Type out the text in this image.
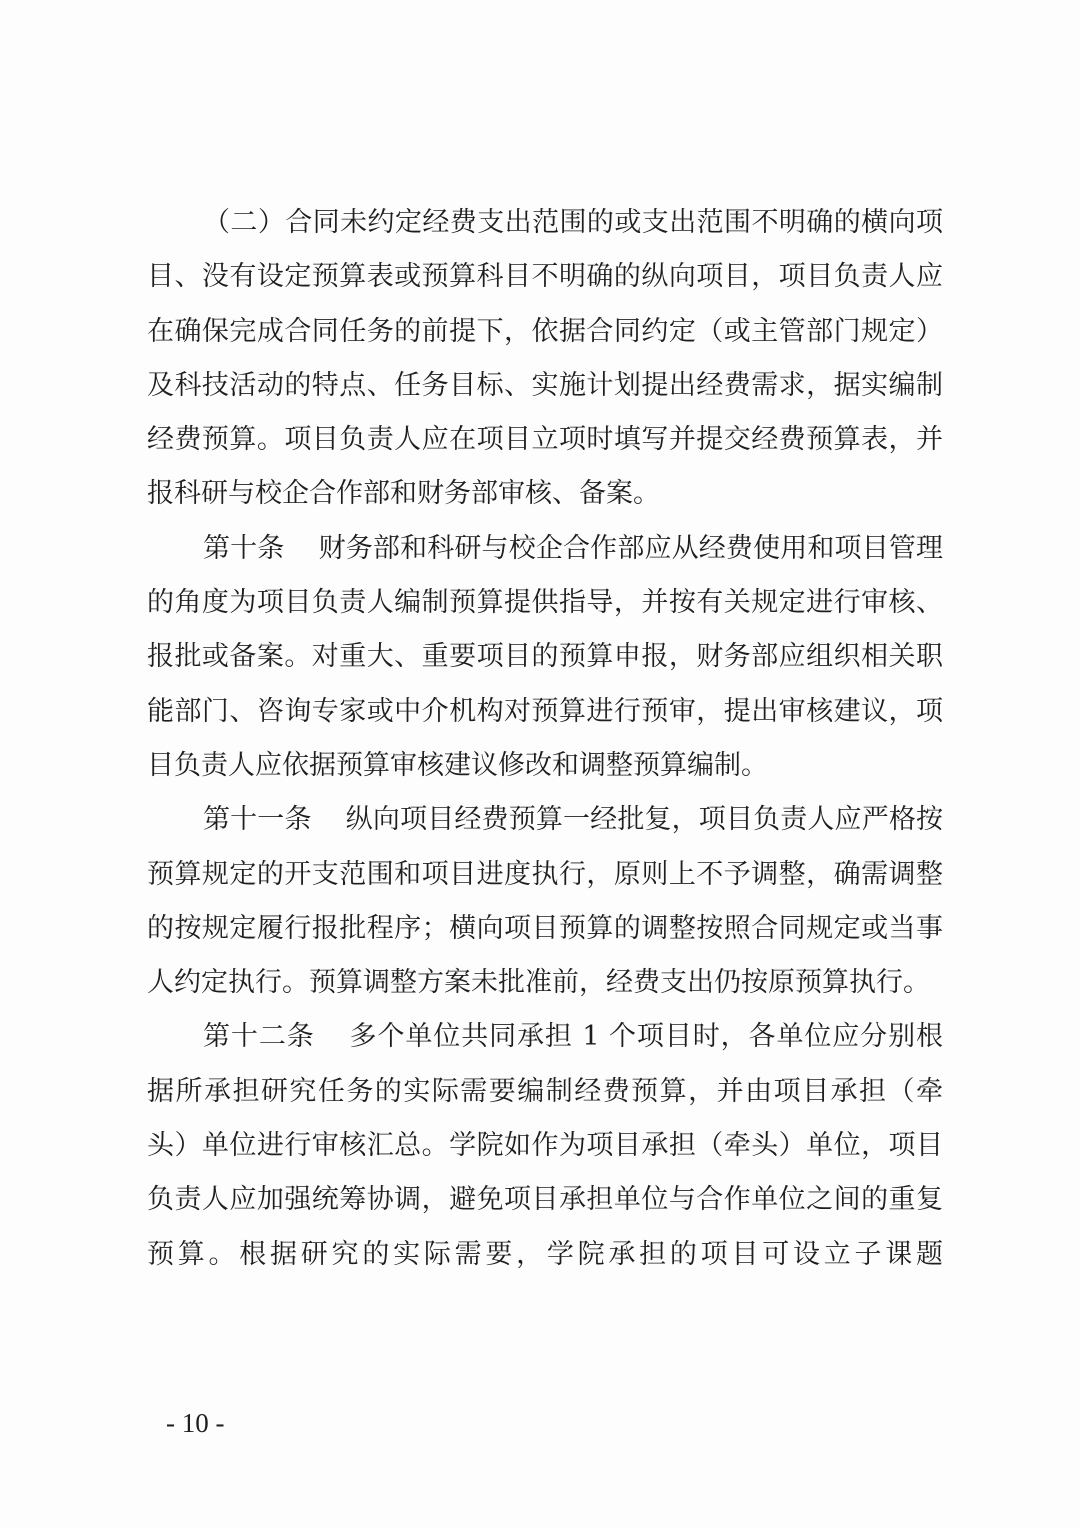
（二）合同未约定经费支出范围的或支出范围不明确的横向项目、没有设定预算表或预算科目不明确的纵向项目，项目负责人应在确保完成合同任务的前提下，依据合同约定（或主管部门规定）及科技活动的特点、任务目标、实施计划提出经费需求，据实编制经费预算。项目负责人应在项目立项时填写并提交经费预算表，并报科研与校企合作部和财务部审核、备案。

第十条 财务部和科研与校企合作部应从经费使用和项目管理的角度为项目负责人编制预算提供指导，并按有关规定进行审核、报批或备案。对重大、重要项目的预算申报，财务部应组织相关职能部门、咨询专家或中介机构对预算进行预审，提出审核建议，项目负责人应依据预算审核建议修改和调整预算编制。

第十一条 纵向项目经费预算一经批复，项目负责人应严格按预算规定的开支范围和项目进度执行，原则上不予调整，确需调整的按规定履行报批程序；横向项目预算的调整按照合同规定或当事人约定执行。预算调整方案未批准前，经费支出仍按原预算执行。

第十二条 多个单位共同承担 1 个项目时，各单位应分别根据所承担研究任务的实际需要编制经费预算，并由项目承担（牵头）单位进行审核汇总。学院如作为项目承担（牵头）单位，项目负责人应加强统筹协调，避免项目承担单位与合作单位之间的重复预算。根据研究的实际需要，学院承担的项目可设立子课题

- 10 -
